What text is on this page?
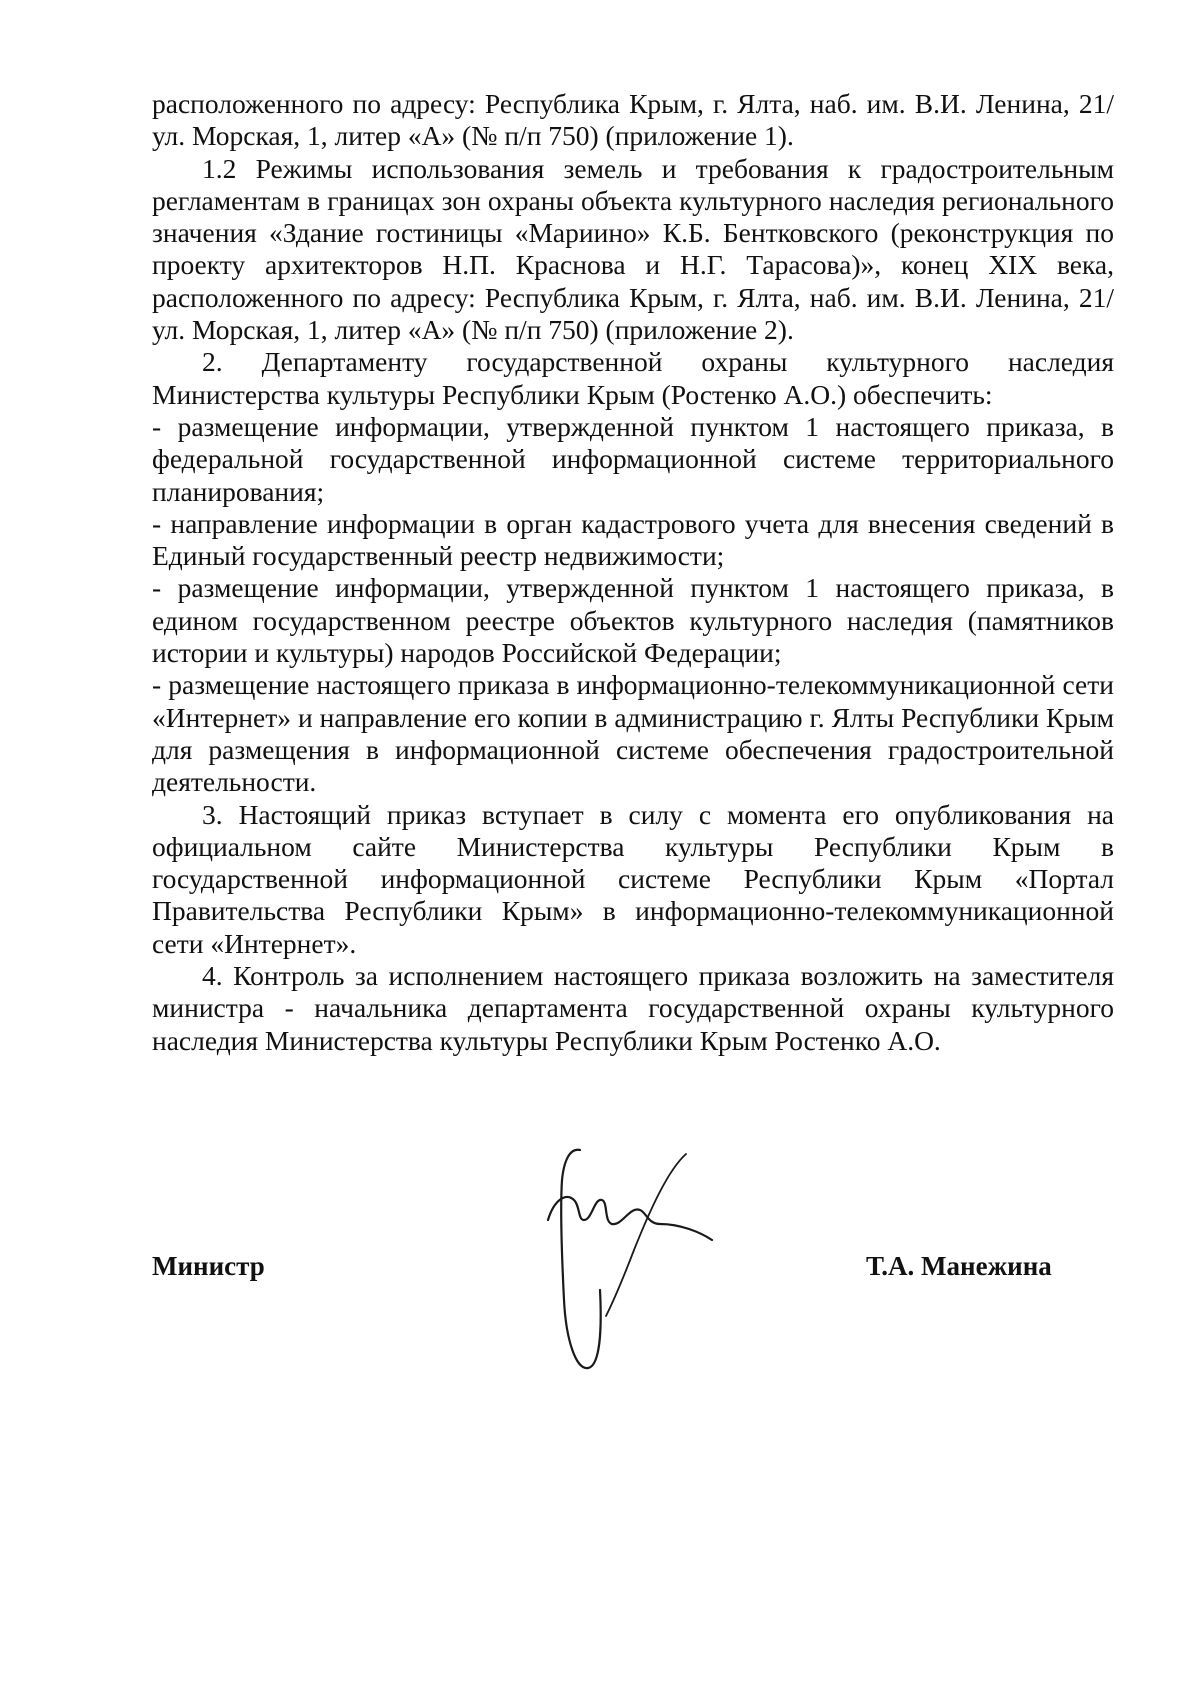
расположенного по адресу: Республика Крым, г. Ялта, наб. им. В.И. Ленина, 21/ ул. Морская, 1, литер «А» (№ п/п 750) (приложение 1).

1.2 Режимы использования земель и требования к градостроительным регламентам в границах зон охраны объекта культурного наследия регионального значения «Здание гостиницы «Мариино» К.Б. Бентковского (реконструкция по проекту архитекторов Н.П. Краснова и Н.Г. Тарасова)», конец XIX века, расположенного по адресу: Республика Крым, г. Ялта, наб. им. В.И. Ленина, 21/ ул. Морская, 1, литер «А» (№ п/п 750) (приложение 2).

2. Департаменту государственной охраны культурного наследия Министерства культуры Республики Крым (Ростенко А.О.) обеспечить:

- размещение информации, утвержденной пунктом 1 настоящего приказа, в федеральной государственной информационной системе территориального планирования;

- направление информации в орган кадастрового учета для внесения сведений в Единый государственный реестр недвижимости;

- размещение информации, утвержденной пунктом 1 настоящего приказа, в едином государственном реестре объектов культурного наследия (памятников истории и культуры) народов Российской Федерации;

- размещение настоящего приказа в информационно-телекоммуникационной сети «Интернет» и направление его копии в администрацию г. Ялты Республики Крым для размещения в информационной системе обеспечения градостроительной деятельности.

3. Настоящий приказ вступает в силу с момента его опубликования на официальном сайте Министерства культуры Республики Крым в государственной информационной системе Республики Крым «Портал Правительства Республики Крым» в информационно-телекоммуникационной сети «Интернет».

4. Контроль за исполнением настоящего приказа возложить на заместителя министра - начальника департамента государственной охраны культурного наследия Министерства культуры Республики Крым Ростенко А.О.

Министр	Т.А. Манежина
